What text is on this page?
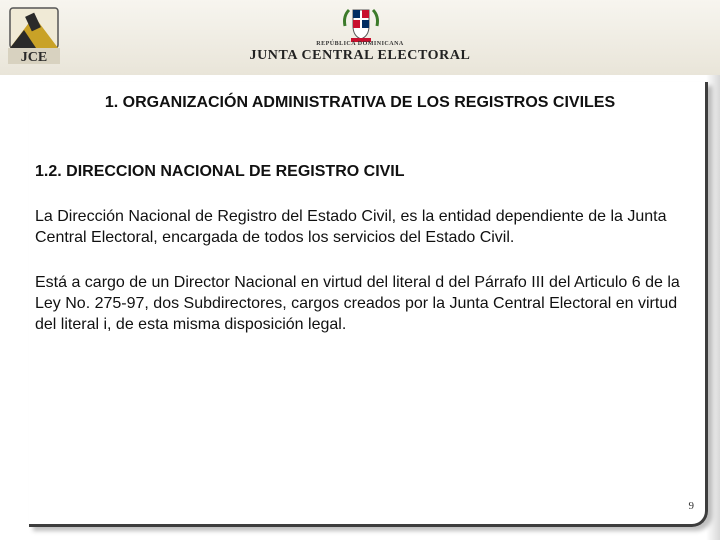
JCE
REPÚBLICA DOMINICANA
JUNTA CENTRAL ELECTORAL
1. ORGANIZACIÓN ADMINISTRATIVA DE LOS REGISTROS CIVILES
1.2. DIRECCION NACIONAL DE REGISTRO CIVIL

La Dirección Nacional de Registro del Estado Civil, es la entidad dependiente de la Junta Central Electoral, encargada de todos los servicios del Estado Civil.

Está a cargo de un Director Nacional en virtud del literal d del Párrafo III del Articulo 6 de la Ley No. 275-97, dos Subdirectores, cargos creados por la Junta Central Electoral en virtud del literal i, de esta misma disposición legal.

9
